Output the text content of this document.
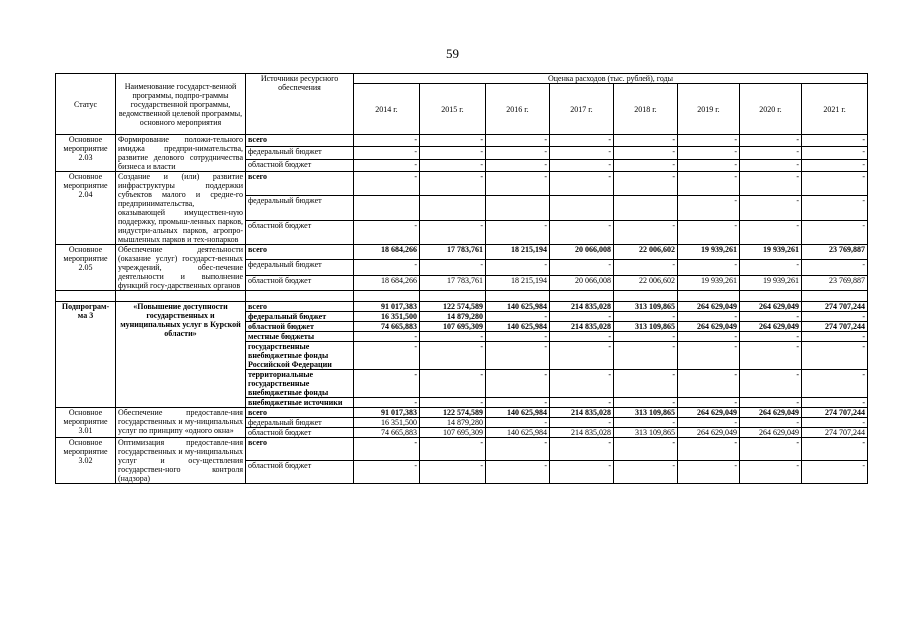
59
Статус	Наименование государст-венной программы, подпро-граммы государственной программы, ведомственной целевой программы, основного мероприятия	Источники ресурсного обеспечения	Оценка расходов (тыс. рублей), годы							
			2014 г.	2015 г.	2016 г.	2017 г.	2018 г.	2019 г.	2020 г.	2021 г.
Основное мероприятие 2.03	Формирование положи-тельного имиджа предпри-нимательства, развитие делового сотрудничества бизнеса и власти	всего	-	-	-	-	-	-	-	-
		федеральный бюджет	-	-	-	-	-	-	-	-
		областной бюджет	-	-	-	-	-	-	-	-
Основное мероприятие 2.04	Создание и (или) развитие инфраструктуры поддержки субъектов малого и средне-го предпринимательства, оказывающей имуществен-ную поддержку, промыш-ленных парков, индустри-альных парков, агропро-мышленных парков и тех-нопарков	всего	-	-	-	-	-	-	-	-
		федеральный бюджет						-	-	-
		областной бюджет	-	-	-	-	-	-	-	-
Основное мероприятие 2.05	Обеспечение деятельности (оказание услуг) государст-венных учреждений, обес-печение деятельности и выполнение функций госу-дарственных органов	всего	18 684,266	17 783,761	18 215,194	20 066,008	22 006,602	19 939,261	19 939,261	23 769,887
		федеральный бюджет	-	-	-	-	-	-	-	-
		областной бюджет	18 684,266	17 783,761	18 215,194	20 066,008	22 006,602	19 939,261	19 939,261	23 769,887

Подпрограм-ма 3	«Повышение доступности государственных и муниципальных услуг в Курской области»	всего	91 017,383	122 574,589	140 625,984	214 835,028	313 109,865	264 629,049	264 629,049	274 707,244
		федеральный бюджет	16 351,500	14 879,280	-	-	-	-	-	-
		областной бюджет	74 665,883	107 695,309	140 625,984	214 835,028	313 109,865	264 629,049	264 629,049	274 707,244
		местные бюджеты	-	-	-	-	-	-	-	-
		государственные внебюджетные фонды Российской Федерации	-	-	-	-	-	-	-	-
		территориальные государственные внебюджетные фонды	-	-	-	-	-	-	-	-
		внебюджетные источники	-	-	-	-	-	-	-	-
Основное мероприятие 3.01	Обеспечение предоставле-ния государственных и му-ниципальных услуг по принципу «одного окна»	всего	91 017,383	122 574,589	140 625,984	214 835,028	313 109,865	264 629,049	264 629,049	274 707,244
		федеральный бюджет	16 351,500	14 879,280	-	-	-	-	-	-
		областной бюджет	74 665,883	107 695,309	140 625,984	214 835,028	313 109,865	264 629,049	264 629,049	274 707,244
Основное мероприятие 3.02	Оптимизация предоставле-ния государственных и му-ниципальных услуг и осу-ществления государствен-ного контроля (надзора)	всего	-	-	-	-	-	-	-	-
		областной бюджет	-	-	-	-	-	-	-	-
